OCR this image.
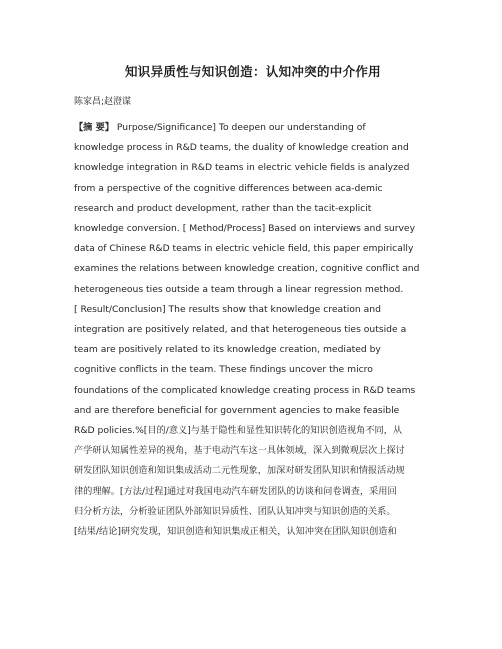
知识异质性与知识创造：认知冲突的中介作用
陈家昌;赵澄谋
【摘 要】 Purpose/Significance] To deepen our understanding of
knowledge process in R&D teams, the duality of knowledge creation and
knowledge integration in R&D teams in electric vehicle fields is analyzed
from a perspective of the cognitive differences between aca-demic
research and product development, rather than the tacit-explicit
knowledge conversion. [ Method/Process] Based on interviews and survey
data of Chinese R&D teams in electric vehicle field, this paper empirically
examines the relations between knowledge creation, cognitive conflict and
heterogeneous ties outside a team through a linear regression method.
[ Result/Conclusion] The results show that knowledge creation and
integration are positively related, and that heterogeneous ties outside a
team are positively related to its knowledge creation, mediated by
cognitive conflicts in the team. These findings uncover the micro
foundations of the complicated knowledge creating process in R&D teams
and are therefore beneficial for government agencies to make feasible
R&D policies.%[目的/意义]与基于隐性和显性知识转化的知识创造视角不同，从
产学研认知属性差异的视角，基于电动汽车这一具体领域，深入到微观层次上探讨
研发团队知识创造和知识集成活动二元性现象，加深对研发团队知识和情报活动规
律的理解。[方法/过程]通过对我国电动汽车研发团队的访谈和问卷调查，采用回
归分析方法，分析验证团队外部知识异质性、团队认知冲突与知识创造的关系。
[结果/结论]研究发现，知识创造和知识集成正相关，认知冲突在团队知识创造和
